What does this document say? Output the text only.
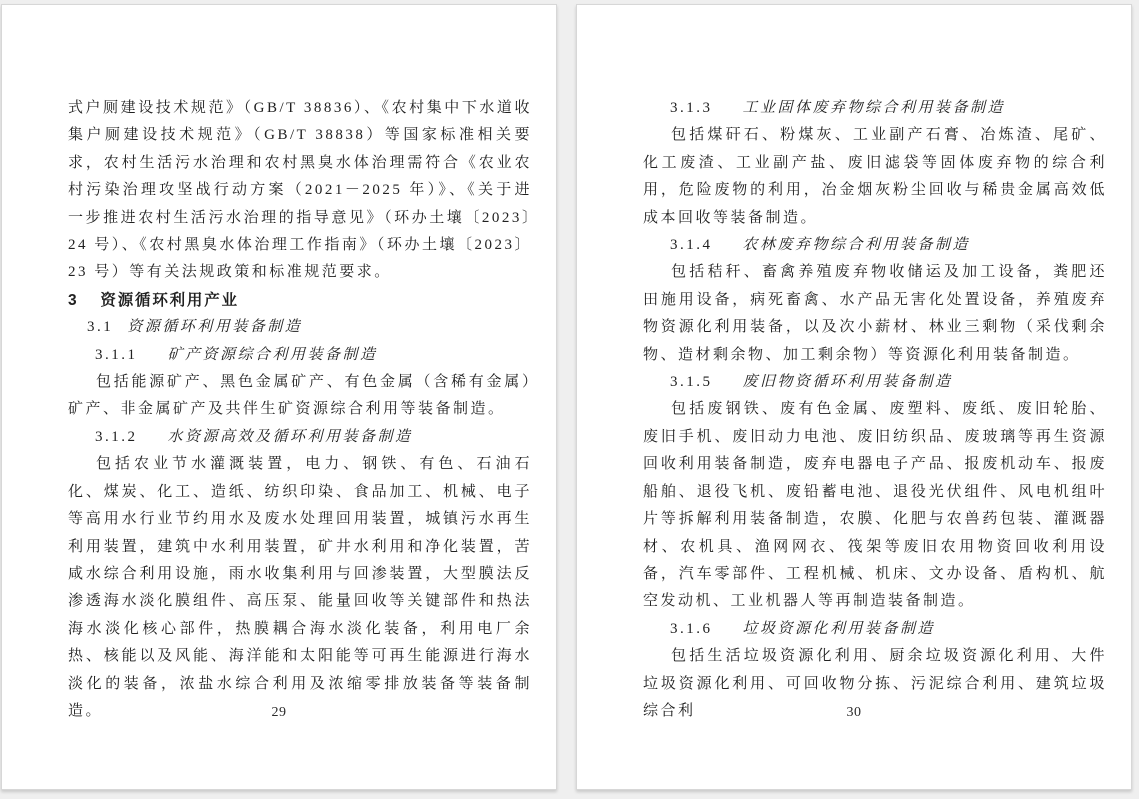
式户厕建设技术规范》（GB/T 38836）、《农村集中下水道收集户厕建设技术规范》（GB/T 38838）等国家标准相关要求，农村生活污水治理和农村黑臭水体治理需符合《农业农村污染治理攻坚战行动方案（2021－2025 年）》、《关于进一步推进农村生活污水治理的指导意见》（环办土壤〔2023〕24 号）、《农村黑臭水体治理工作指南》（环办土壤〔2023〕23 号）等有关法规政策和标准规范要求。

3 资源循环利用产业

3.1 资源循环利用装备制造

3.1.1 矿产资源综合利用装备制造

包括能源矿产、黑色金属矿产、有色金属（含稀有金属）矿产、非金属矿产及共伴生矿资源综合利用等装备制造。

3.1.2 水资源高效及循环利用装备制造

包括农业节水灌溉装置，电力、钢铁、有色、石油石化、煤炭、化工、造纸、纺织印染、食品加工、机械、电子等高用水行业节约用水及废水处理回用装置，城镇污水再生利用装置，建筑中水利用装置，矿井水利用和净化装置，苦咸水综合利用设施，雨水收集利用与回渗装置，大型膜法反渗透海水淡化膜组件、高压泵、能量回收等关键部件和热法海水淡化核心部件，热膜耦合海水淡化装备，利用电厂余热、核能以及风能、海洋能和太阳能等可再生能源进行海水淡化的装备，浓盐水综合利用及浓缩零排放装备等装备制造。	29

3.1.3 工业固体废弃物综合利用装备制造

包括煤矸石、粉煤灰、工业副产石膏、冶炼渣、尾矿、化工废渣、工业副产盐、废旧滤袋等固体废弃物的综合利用，危险废物的利用，冶金烟灰粉尘回收与稀贵金属高效低成本回收等装备制造。

3.1.4 农林废弃物综合利用装备制造

包括秸秆、畜禽养殖废弃物收储运及加工设备，粪肥还田施用设备，病死畜禽、水产品无害化处置设备，养殖废弃物资源化利用装备，以及次小薪材、林业三剩物（采伐剩余物、造材剩余物、加工剩余物）等资源化利用装备制造。

3.1.5 废旧物资循环利用装备制造

包括废钢铁、废有色金属、废塑料、废纸、废旧轮胎、废旧手机、废旧动力电池、废旧纺织品、废玻璃等再生资源回收利用装备制造，废弃电器电子产品、报废机动车、报废船舶、退役飞机、废铅蓄电池、退役光伏组件、风电机组叶片等拆解利用装备制造，农膜、化肥与农兽药包装、灌溉器材、农机具、渔网网衣、筏架等废旧农用物资回收利用设备，汽车零部件、工程机械、机床、文办设备、盾构机、航空发动机、工业机器人等再制造装备制造。

3.1.6 垃圾资源化利用装备制造

包括生活垃圾资源化利用、厨余垃圾资源化利用、大件垃圾资源化利用、可回收物分拣、污泥综合利用、建筑垃圾综合利	30
